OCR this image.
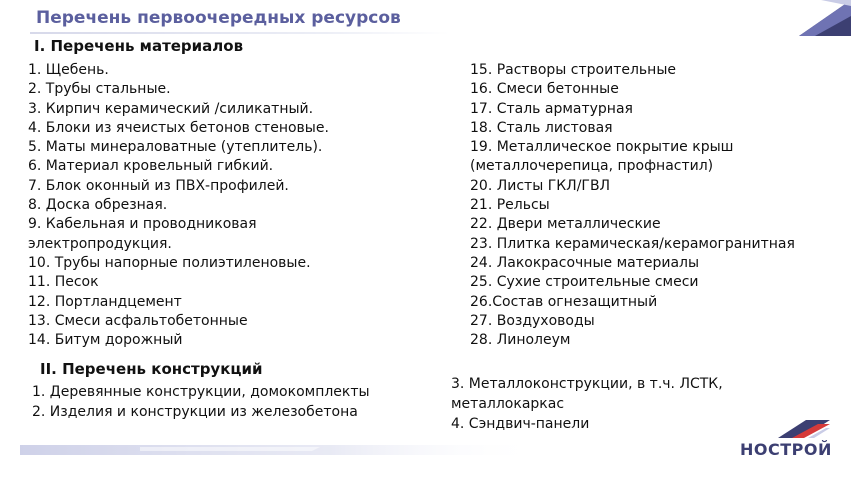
Перечень первоочередных ресурсов
I. Перечень материалов
1. Щебень.
2. Трубы стальные.
3. Кирпич керамический /силикатный.
4. Блоки из ячеистых бетонов стеновые.
5. Маты минераловатные (утеплитель).
6. Материал кровельный гибкий.
7. Блок оконный из ПВХ-профилей.
8. Доска обрезная.
9. Кабельная и проводниковая
электропродукция.
10. Трубы напорные полиэтиленовые.
11. Песок
12. Портландцемент
13. Смеси асфальтобетонные
14. Битум дорожный
15. Растворы строительные
16. Смеси бетонные
17. Сталь арматурная
18. Сталь листовая
19. Металлическое покрытие крыш
(металлочерепица, профнастил)
20. Листы ГКЛ/ГВЛ
21. Рельсы
22. Двери металлические
23. Плитка керамическая/керамогранитная
24. Лакокрасочные материалы
25. Сухие строительные смеси
26.Состав огнезащитный
27. Воздуховоды
28. Линолеум
II. Перечень конструкций
1. Деревянные конструкции, домокомплекты
2. Изделия и конструкции из железобетона
3. Металлоконструкции, в т.ч. ЛСТК,
металлокаркас
4. Сэндвич-панели
НОСТРОЙ
